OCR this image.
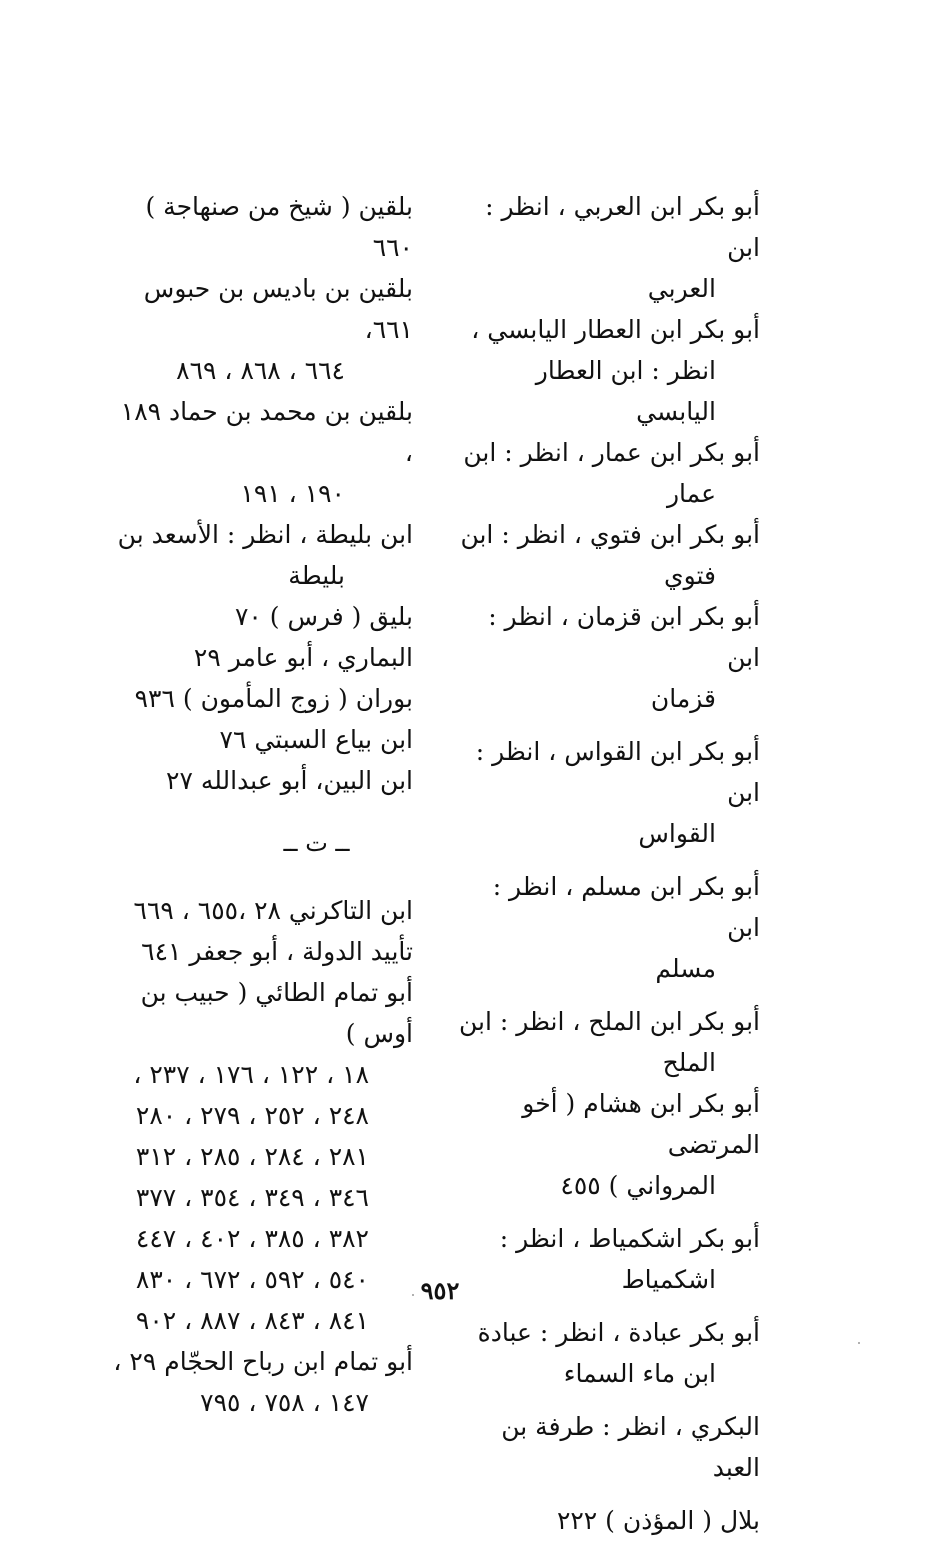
أبو بكر ابن العربي ، انظر : ابن
العربي
أبو بكر ابن العطار اليابسي ،
انظر : ابن العطار اليابسي
أبو بكر ابن عمار ، انظر : ابن
عمار
أبو بكر ابن فتوي ، انظر : ابن
فتوي
أبو بكر ابن قزمان ، انظر : ابن
قزمان
أبو بكر ابن القواس ، انظر : ابن
القواس
أبو بكر ابن مسلم ، انظر : ابن
مسلم
أبو بكر ابن الملح ، انظر : ابن
الملح
أبو بكر ابن هشام ( أخو المرتضى
المرواني ) ٤٥٥
أبو بكر اشكمياط ، انظر :
اشكمياط
أبو بكر عبادة ، انظر : عبادة
ابن ماء السماء
البكري ، انظر : طرفة بن العبد
بلال ( المؤذن ) ٢٢٢
بلقين ( شيخ من صنهاجة ) ٦٦٠
بلقين بن باديس بن حبوس ٦٦١،
٦٦٤ ، ٨٦٨ ، ٨٦٩
بلقين بن محمد بن حماد ١٨٩ ،
١٩٠ ، ١٩١
ابن بليطة ، انظر : الأسعد بن
بليطة
بليق ( فرس ) ٧٠
البماري ، أبو عامر ٢٩
بوران ( زوج المأمون ) ٩٣٦
ابن بياع السبتي ٧٦
ابن البين، أبو عبدالله ٢٧
ــ ت ــ
ابن التاكرني ٢٨ ،٦٥٥ ، ٦٦٩
تأييد الدولة ، أبو جعفر ٦٤١
أبو تمام الطائي ( حبيب بن أوس )
١٨ ، ١٢٢ ، ١٧٦ ، ٢٣٧ ،
٢٤٨ ، ٢٥٢ ، ٢٧٩ ، ٢٨٠
٢٨١ ، ٢٨٤ ، ٢٨٥ ، ٣١٢
٣٤٦ ، ٣٤٩ ، ٣٥٤ ، ٣٧٧
٣٨٢ ، ٣٨٥ ، ٤٠٢ ، ٤٤٧
٥٤٠ ، ٥٩٢ ، ٦٧٢ ، ٨٣٠
٨٤١ ، ٨٤٣ ، ٨٨٧ ، ٩٠٢
أبو تمام ابن رباح الحجّام ٢٩ ،
١٤٧ ، ٧٥٨ ، ٧٩٥
٩٥٢
